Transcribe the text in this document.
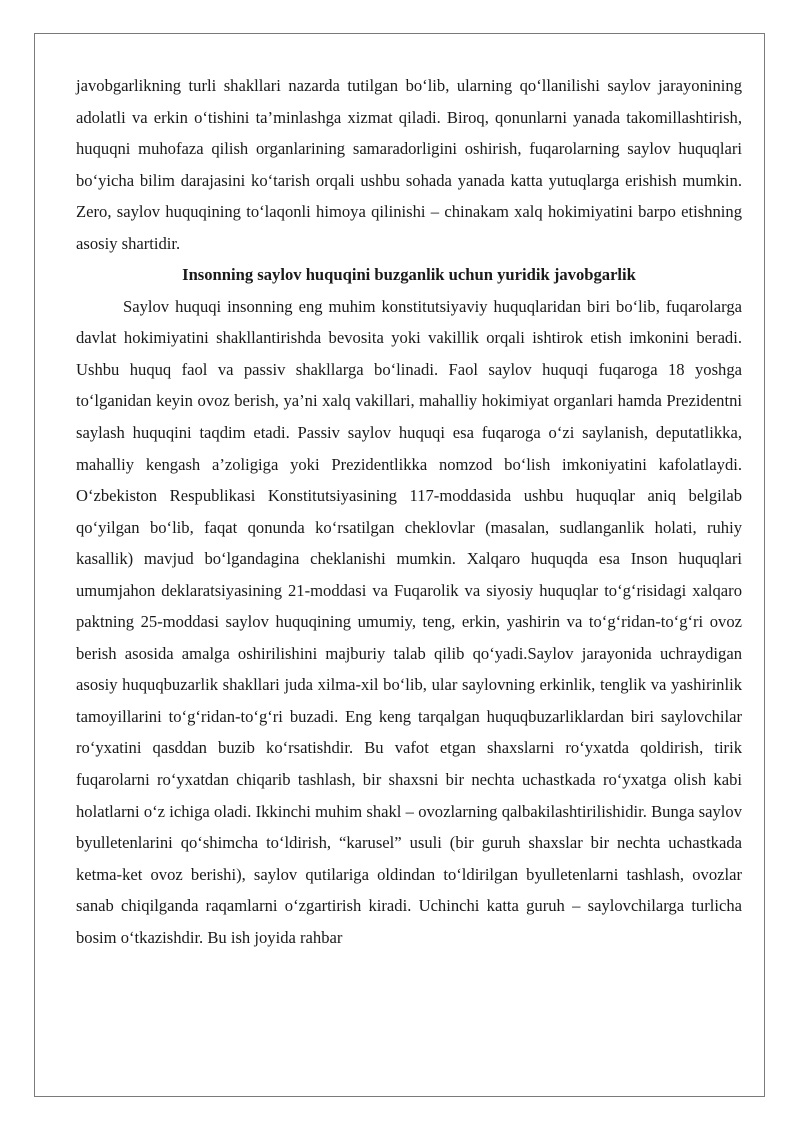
javobgarlikning turli shakllari nazarda tutilgan bo‘lib, ularning qo‘llanilishi saylov jarayonining adolatli va erkin o‘tishini ta’minlashga xizmat qiladi. Biroq, qonunlarni yanada takomillashtirish, huquqni muhofaza qilish organlarining samaradorligini oshirish, fuqarolarning saylov huquqlari bo‘yicha bilim darajasini ko‘tarish orqali ushbu sohada yanada katta yutuqlarga erishish mumkin. Zero, saylov huquqining to‘laqonli himoya qilinishi – chinakam xalq hokimiyatini barpo etishning asosiy shartidir.

Insonning saylov huquqini buzganlik uchun yuridik javobgarlik

Saylov huquqi insonning eng muhim konstitutsiyaviy huquqlaridan biri bo‘lib, fuqarolarga davlat hokimiyatini shakllantirishda bevosita yoki vakillik orqali ishtirok etish imkonini beradi. Ushbu huquq faol va passiv shakllarga bo‘linadi. Faol saylov huquqi fuqaroga 18 yoshga to‘lganidan keyin ovoz berish, ya’ni xalq vakillari, mahalliy hokimiyat organlari hamda Prezidentni saylash huquqini taqdim etadi. Passiv saylov huquqi esa fuqaroga o‘zi saylanish, deputatlikka, mahalliy kengash a’zoligiga yoki Prezidentlikka nomzod bo‘lish imkoniyatini kafolatlaydi. O‘zbekiston Respublikasi Konstitutsiyasining 117-moddasida ushbu huquqlar aniq belgilab qo‘yilgan bo‘lib, faqat qonunda ko‘rsatilgan cheklovlar (masalan, sudlanganlik holati, ruhiy kasallik) mavjud bo‘lgandagina cheklanishi mumkin. Xalqaro huquqda esa Inson huquqlari umumjahon deklaratsiyasining 21-moddasi va Fuqarolik va siyosiy huquqlar to‘g‘risidagi xalqaro paktning 25-moddasi saylov huquqining umumiy, teng, erkin, yashirin va to‘g‘ridan-to‘g‘ri ovoz berish asosida amalga oshirilishini majburiy talab qilib qo‘yadi.Saylov jarayonida uchraydigan asosiy huquqbuzarlik shakllari juda xilma-xil bo‘lib, ular saylovning erkinlik, tenglik va yashirinlik tamoyillarini to‘g‘ridan-to‘g‘ri buzadi. Eng keng tarqalgan huquqbuzarliklardan biri saylovchilar ro‘yxatini qasddan buzib ko‘rsatishdir. Bu vafot etgan shaxslarni ro‘yxatda qoldirish, tirik fuqarolarni ro‘yxatdan chiqarib tashlash, bir shaxsni bir nechta uchastkada ro‘yxatga olish kabi holatlarni o‘z ichiga oladi. Ikkinchi muhim shakl – ovozlarning qalbakilashtirilishidir. Bunga saylov byulletenlarini qo‘shimcha to‘ldirish, “karusel” usuli (bir guruh shaxslar bir nechta uchastkada ketma-ket ovoz berishi), saylov qutilariga oldindan to‘ldirilgan byulletenlarni tashlash, ovozlar sanab chiqilganda raqamlarni o‘zgartirish kiradi. Uchinchi katta guruh – saylovchilarga turlicha bosim o‘tkazishdir. Bu ish joyida rahbar
